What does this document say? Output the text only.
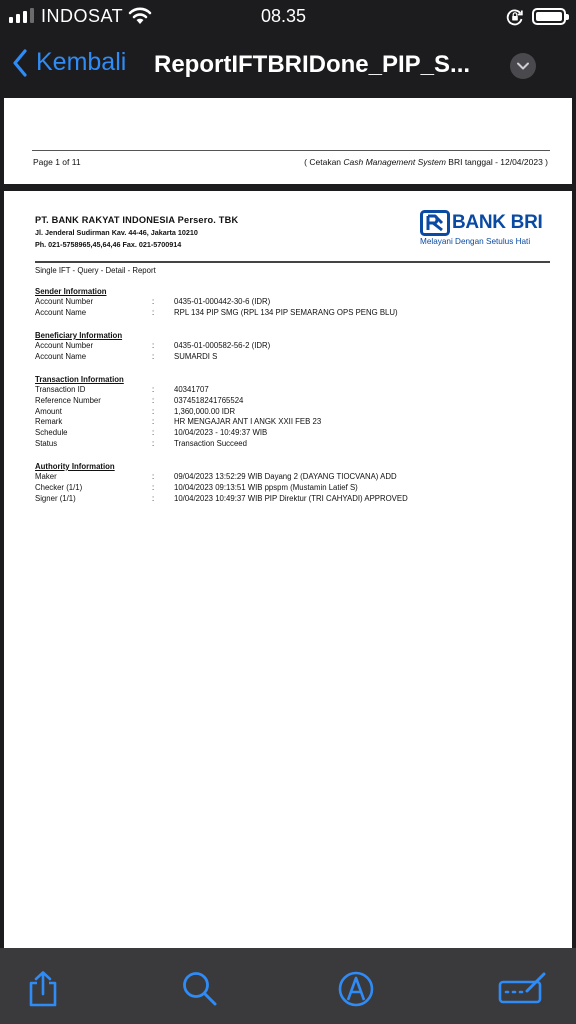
INDOSAT	08.35
Kembali ReportIFTBRIDone_PIP_S...
Page 1 of 11	( Cetakan Cash Management System BRI tanggal - 12/04/2023 )
PT. BANK RAKYAT INDONESIA Persero. TBK
Jl. Jenderal Sudirman Kav. 44-46, Jakarta 10210
Ph. 021-5758965,45,64,46 Fax. 021-5700914
BANK BRI
Melayani Dengan Setulus Hati
Single IFT - Query - Detail - Report
Sender Information
Account Number	:	0435-01-000442-30-6 (IDR)
Account Name	:	RPL 134 PIP SMG (RPL 134 PIP SEMARANG OPS PENG BLU)
Beneficiary Information
Account Number	:	0435-01-000582-56-2 (IDR)
Account Name	:	SUMARDI S
Transaction Information
Transaction ID	:	40341707
Reference Number	:	0374518241765524
Amount	:	1,360,000.00 IDR
Remark	:	HR MENGAJAR ANT I ANGK XXII FEB 23
Schedule	:	10/04/2023 - 10:49:37 WIB
Status	:	Transaction Succeed
Authority Information
Maker	:	09/04/2023 13:52:29 WIB Dayang 2 (DAYANG TIOCVANA) ADD
Checker (1/1)	:	10/04/2023 09:13:51 WIB ppspm (Mustamin Latief S)
Signer (1/1)	:	10/04/2023 10:49:37 WIB PIP Direktur (TRI CAHYADI) APPROVED
